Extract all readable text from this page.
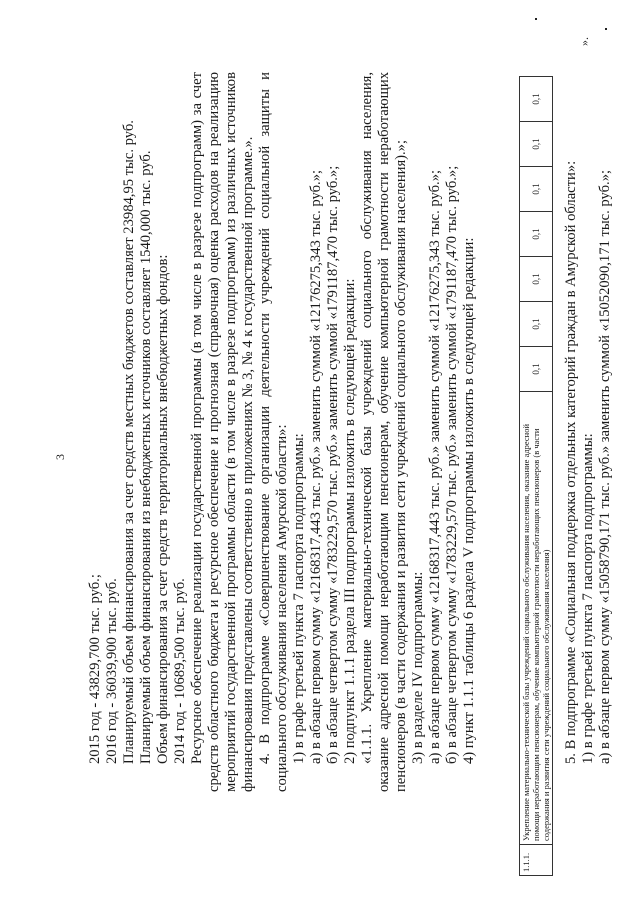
3

2015 год - 43829,700 тыс. руб.; 2016 год - 36039,900 тыс. руб. Планируемый объем финансирования за счет средств местных бюджетов составляет 23984,95 тыс. руб. Планируемый объем финансирования из внебюджетных источников составляет 1540,000 тыс. руб. Объем финансирования за счет средств территориальных внебюджетных фондов: 2014 год - 10689,500 тыс. руб. Ресурсное обеспечение реализации государственной программы (в том числе в разрезе подпрограмм) за счет средств областного бюджета и ресурсное обеспечение и прогнозная (справочная) оценка расходов на реализацию мероприятий государственной программы области (в том числе в разрезе подпрограмм) из различных источников финансирования представлены соответственно в приложениях № 3, № 4 к государственной программе.». 4. В подпрограмме «Совершенствование организации деятельности учреждений социальной защиты и социального обслуживания населения Амурской области»: 1) в графе третьей пункта 7 паспорта подпрограммы: а) в абзаце первом сумму «12168317,443 тыс. руб.» заменить суммой «12176275,343 тыс. руб.»; б) в абзаце четвертом сумму «1783229,570 тыс. руб.» заменить суммой «1791187,470 тыс. руб.»; 2) подпункт 1.1.1 раздела III подпрограммы изложить в следующей редакции: «1.1.1. Укрепление материально-технической базы учреждений социального обслуживания населения, оказание адресной помощи неработающим пенсионерам, обучение компьютерной грамотности неработающих пенсионеров (в части содержания и развития сети учреждений социального обслуживания населения).»; 3) в разделе IV подпрограммы: а) в абзаце первом сумму «12168317,443 тыс. руб.» заменить суммой «12176275,343 тыс. руб.»; б) в абзаце четвертом сумму «1783229,570 тыс. руб.» заменить суммой «1791187,470 тыс. руб.»; 4) пункт 1.1.1 таблицы 6 раздела V подпрограммы изложить в следующей редакции:

1.1.1.	Укрепление материально-технической базы учреждений социального обслуживания населения, оказание адресной помощи неработающим пенсионерам, обучение компьютерной грамотности неработающих пенсионеров (в части содержания и развития сети учреждений социального обслуживания населения)	0,1	0,1	0,1	0,1	0,1	0,1	0,1
».

5. В подпрограмме «Социальная поддержка отдельных категорий граждан в Амурской области»: 1) в графе третьей пункта 7 паспорта подпрограммы: а) в абзаце первом сумму «15058790,171 тыс. руб.» заменить суммой «15052090,171 тыс. руб.»;
